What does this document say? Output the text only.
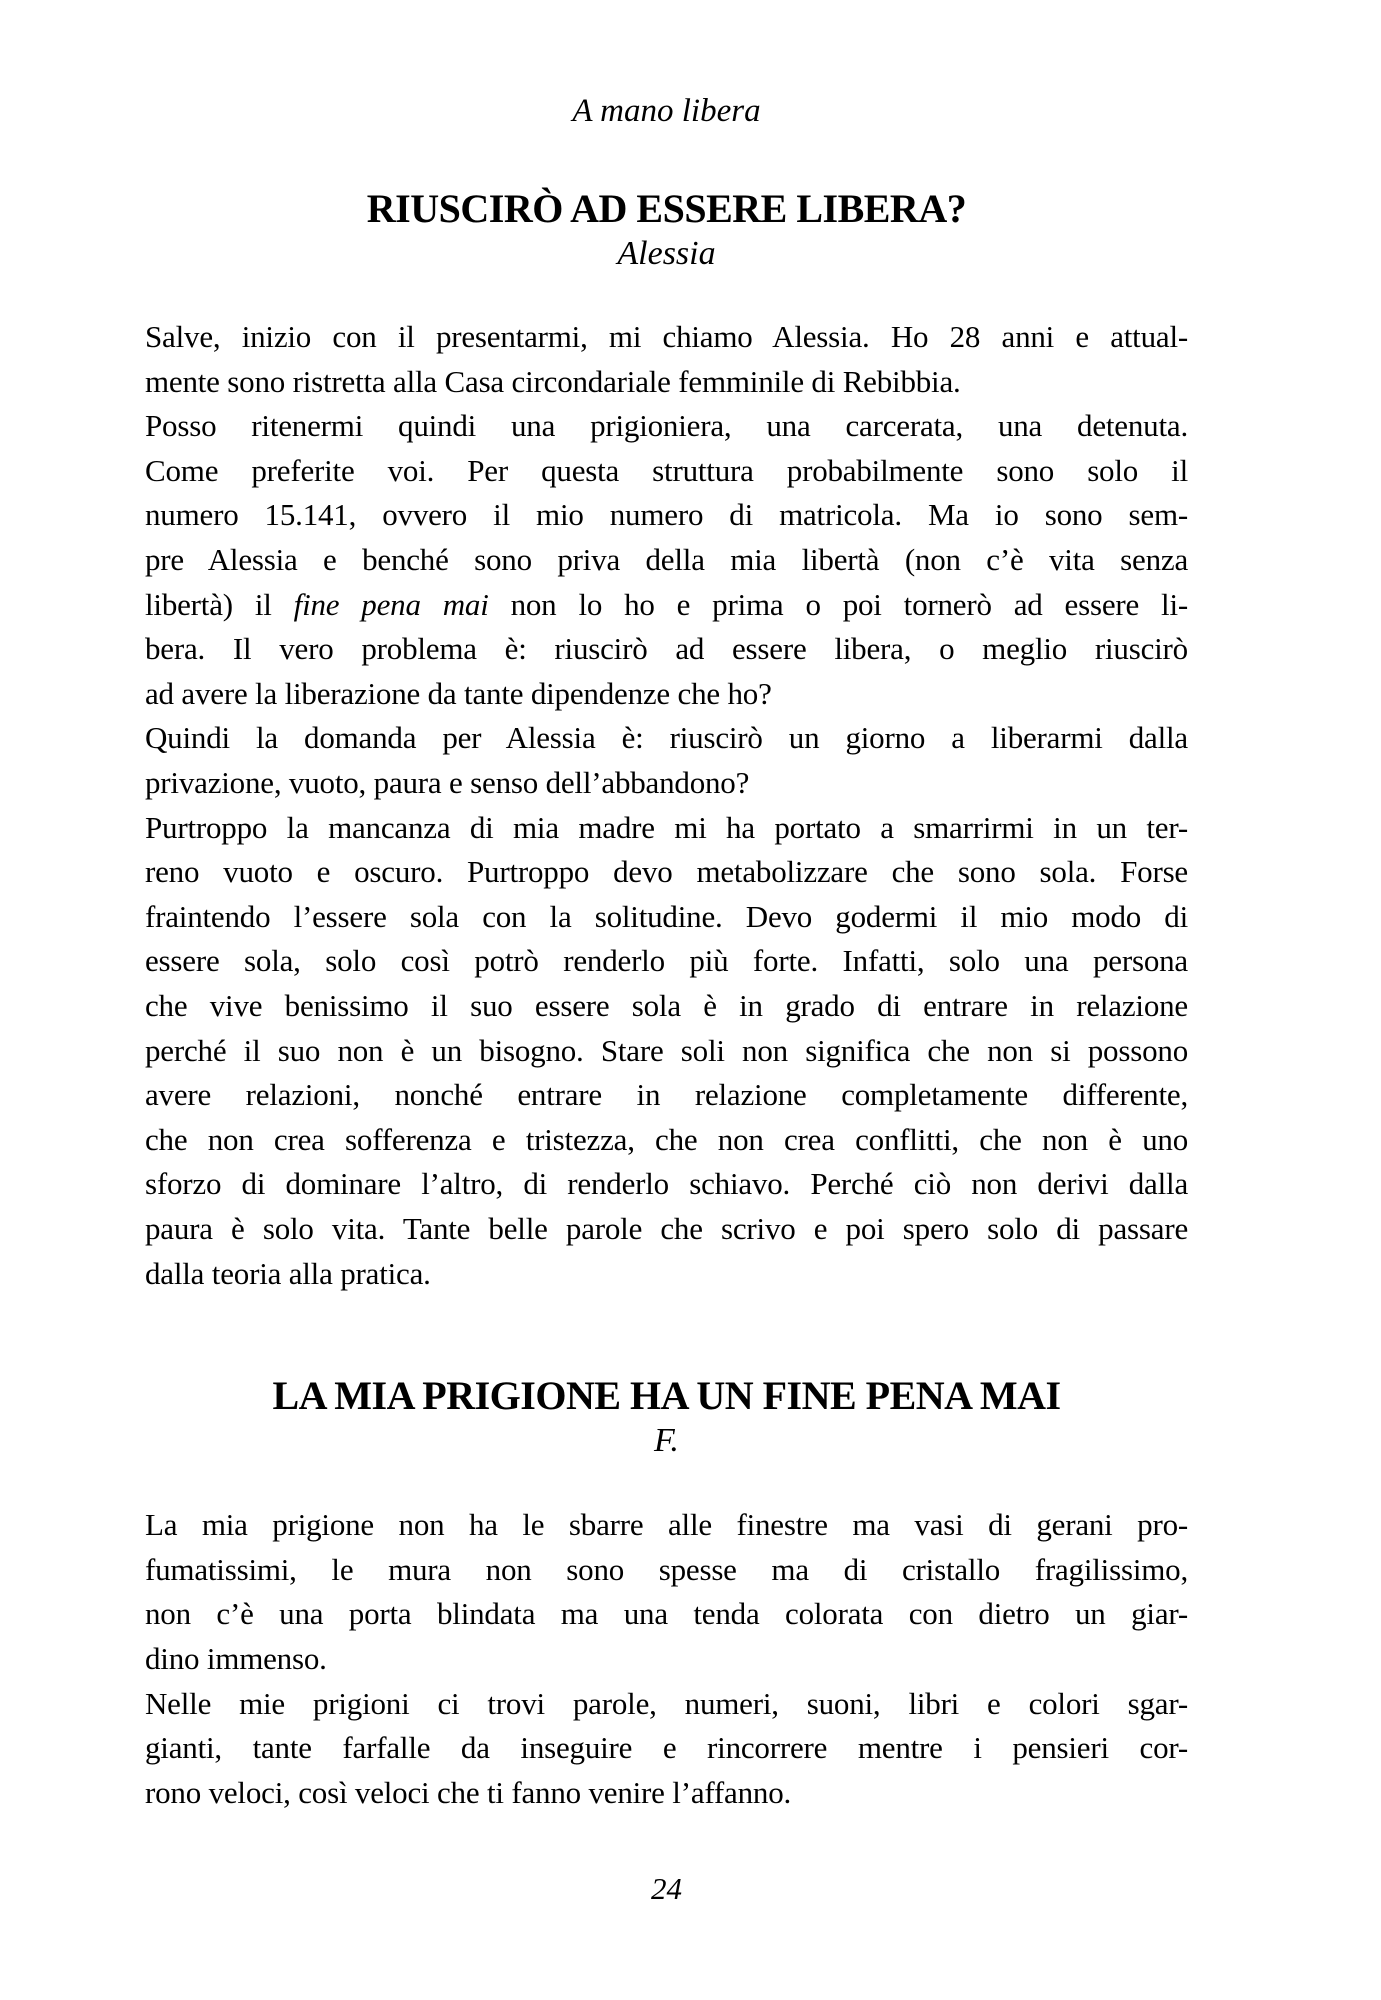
A mano libera
RIUSCIRÒ AD ESSERE LIBERA?
Alessia
Salve, inizio con il presentarmi, mi chiamo Alessia. Ho 28 anni e attual-
mente sono ristretta alla Casa circondariale femminile di Rebibbia.
Posso ritenermi quindi una prigioniera, una carcerata, una detenuta.
Come preferite voi. Per questa struttura probabilmente sono solo il
numero 15.141, ovvero il mio numero di matricola. Ma io sono sem-
pre Alessia e benché sono priva della mia libertà (non c’è vita senza
libertà) il fine pena mai non lo ho e prima o poi tornerò ad essere li-
bera. Il vero problema è: riuscirò ad essere libera, o meglio riuscirò
ad avere la liberazione da tante dipendenze che ho?
Quindi la domanda per Alessia è: riuscirò un giorno a liberarmi dalla
privazione, vuoto, paura e senso dell’abbandono?
Purtroppo la mancanza di mia madre mi ha portato a smarrirmi in un ter-
reno vuoto e oscuro. Purtroppo devo metabolizzare che sono sola. Forse
fraintendo l’essere sola con la solitudine. Devo godermi il mio modo di
essere sola, solo così potrò renderlo più forte. Infatti, solo una persona
che vive benissimo il suo essere sola è in grado di entrare in relazione
perché il suo non è un bisogno. Stare soli non significa che non si possono
avere relazioni, nonché entrare in relazione completamente differente,
che non crea sofferenza e tristezza, che non crea conflitti, che non è uno
sforzo di dominare l’altro, di renderlo schiavo. Perché ciò non derivi dalla
paura è solo vita. Tante belle parole che scrivo e poi spero solo di passare
dalla teoria alla pratica.
LA MIA PRIGIONE HA UN FINE PENA MAI
F.
La mia prigione non ha le sbarre alle finestre ma vasi di gerani pro-
fumatissimi, le mura non sono spesse ma di cristallo fragilissimo,
non c’è una porta blindata ma una tenda colorata con dietro un giar-
dino immenso.
Nelle mie prigioni ci trovi parole, numeri, suoni, libri e colori sgar-
gianti, tante farfalle da inseguire e rincorrere mentre i pensieri cor-
rono veloci, così veloci che ti fanno venire l’affanno.
24
